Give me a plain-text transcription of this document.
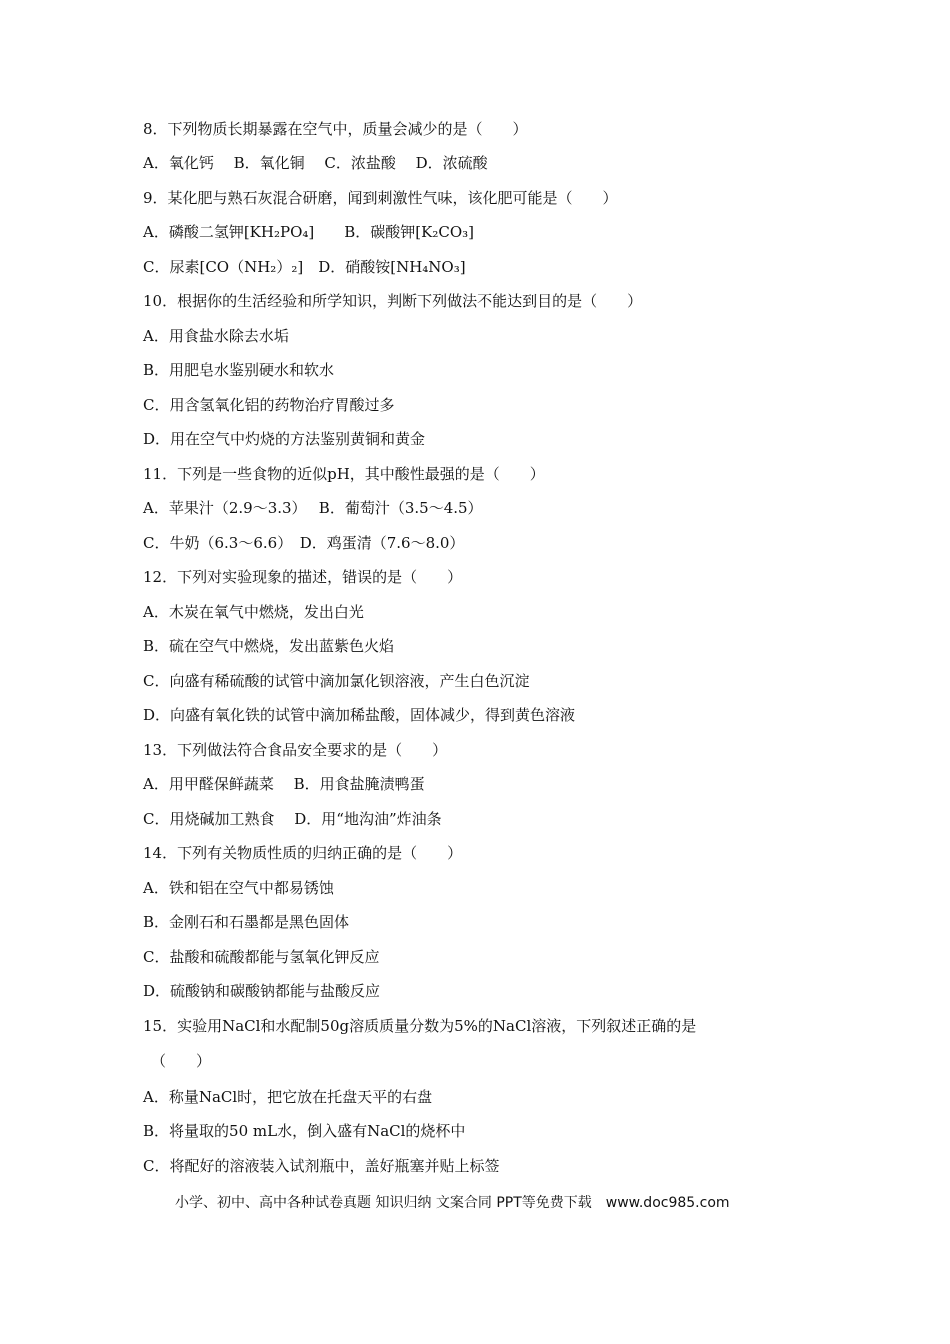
8．下列物质长期暴露在空气中，质量会减少的是（　　）
A．氧化钙　 B．氧化铜　 C．浓盐酸　 D．浓硫酸
9．某化肥与熟石灰混合研磨，闻到刺激性气味，该化肥可能是（　　）
A．磷酸二氢钾[KH₂PO₄]　　B．碳酸钾[K₂CO₃]
C．尿素[CO（NH₂）₂]　D．硝酸铵[NH₄NO₃]
10．根据你的生活经验和所学知识，判断下列做法不能达到目的是（　　）
A．用食盐水除去水垢
B．用肥皂水鉴别硬水和软水
C．用含氢氧化铝的药物治疗胃酸过多
D．用在空气中灼烧的方法鉴别黄铜和黄金
11．下列是一些食物的近似pH，其中酸性最强的是（　　）
A．苹果汁（2.9～3.3）　 B．葡萄汁（3.5～4.5）
C．牛奶（6.3～6.6）　D．鸡蛋清（7.6～8.0）
12．下列对实验现象的描述，错误的是（　　）
A．木炭在氧气中燃烧，发出白光
B．硫在空气中燃烧，发出蓝紫色火焰
C．向盛有稀硫酸的试管中滴加氯化钡溶液，产生白色沉淀
D．向盛有氧化铁的试管中滴加稀盐酸，固体减少，得到黄色溶液
13．下列做法符合食品安全要求的是（　　）
A．用甲醛保鲜蔬菜　 B．用食盐腌渍鸭蛋
C．用烧碱加工熟食　 D．用“地沟油”炸油条
14．下列有关物质性质的归纳正确的是（　　）
A．铁和铝在空气中都易锈蚀
B．金刚石和石墨都是黑色固体
C．盐酸和硫酸都能与氢氧化钾反应
D．硫酸钠和碳酸钠都能与盐酸反应
15．实验用NaCl和水配制50g溶质质量分数为5%的NaCl溶液，下列叙述正确的是
（　　）
A．称量NaCl时，把它放在托盘天平的右盘
B．将量取的50 mL水，倒入盛有NaCl的烧杯中
C．将配好的溶液装入试剂瓶中，盖好瓶塞并贴上标签
小学、初中、高中各种试卷真题 知识归纳 文案合同 PPT等免费下载　www.doc985.com
